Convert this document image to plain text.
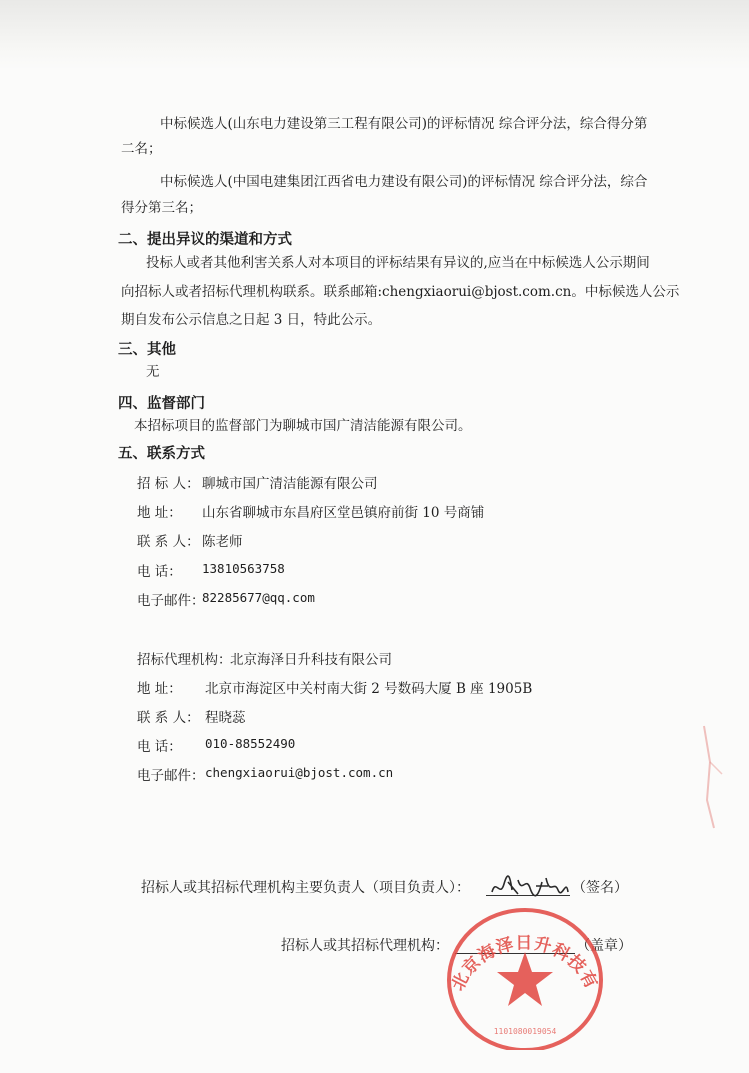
中标候选人(山东电力建设第三工程有限公司)的评标情况 综合评分法，综合得分第
二名；
中标候选人(中国电建集团江西省电力建设有限公司)的评标情况 综合评分法，综合
得分第三名；
二、提出异议的渠道和方式
投标人或者其他利害关系人对本项目的评标结果有异议的,应当在中标候选人公示期间
向招标人或者招标代理机构联系。联系邮箱:chengxiaorui@bjost.com.cn。中标候选人公示
期自发布公示信息之日起 3 日，特此公示。
三、其他
无
四、监督部门
本招标项目的监督部门为聊城市国广清洁能源有限公司。
五、联系方式
招 标 人： 聊城市国广清洁能源有限公司
地 址： 山东省聊城市东昌府区堂邑镇府前街 10 号商铺
联 系 人： 陈老师
电 话： 13810563758
电子邮件：
82285677@qq.com
招标代理机构：
北京海泽日升科技有限公司
地 址： 北京市海淀区中关村南大街 2 号数码大厦 B 座 1905B
联 系 人： 程晓蕊
电 话： 010-88552490
电子邮件： chengxiaorui@bjost.com.cn
招标人或其招标代理机构主要负责人（项目负责人）：	（签名）
招标人或其招标代理机构：	（盖章）
北京海泽日升科技有
1101080019054
